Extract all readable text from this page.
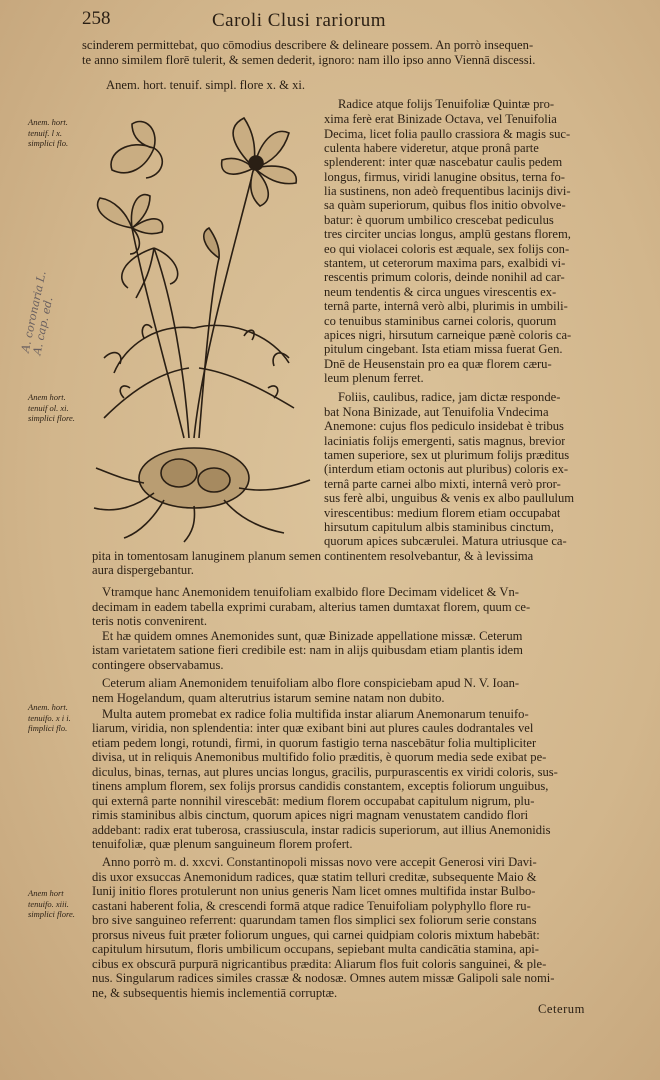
258	Caroli Clusi rariorum
A. coronaria L.
A. cap. ed.
Anem. hort.
tenuif. l x.
simplici flo.
Anem hort.
tenuif ol. xi.
simplici flore.
Anem. hort.
tenuifo. x i i.
fimplici flo.
Anem hort
tenuifo. xiii.
simplici flore.
scinderem permittebat, quo cōmodius describere & delineare possem. An porrò insequen-
te anno similem florē tulerit, & semen dederit, ignoro: nam illo ipso anno Viennā discessi.
Anem. hort. tenuif. simpl. flore x. & xi.
Radice atque folijs Tenuifoliæ Quintæ pro-
xima ferè erat Binizade Octava, vel Tenuifolia
Decima, licet folia paullo crassiora & magis suc-
culenta habere videretur, atque pronâ parte
splenderent: inter quæ nascebatur caulis pedem
longus, firmus, viridi lanugine obsitus, terna fo-
lia sustinens, non adeò frequentibus lacinijs divi-
sa quàm superiorum, quibus flos initio obvolve-
batur: è quorum umbilico crescebat pediculus
tres circiter uncias longus, amplū gestans florem,
eo qui violacei coloris est æquale, sex folijs con-
stantem, ut ceterorum maxima pars, exalbidi vi-
rescentis primum coloris, deinde nonihil ad car-
neum tendentis & circa ungues virescentis ex-
ternâ parte, internâ verò albi, plurimis in umbili-
co tenuibus staminibus carnei coloris, quorum
apices nigri, hirsutum carneique pænè coloris ca-
pitulum cingebant. Ista etiam missa fuerat Gen.
Dnē de Heusenstain pro ea quæ florem cæru-
leum plenum ferret.
Foliis, caulibus, radice, jam dictæ responde-
bat Nona Binizade, aut Tenuifolia Vndecima
Anemone: cujus flos pediculo insidebat è tribus
laciniatis folijs emergenti, satis magnus, brevior
tamen superiore, sex ut plurimum folijs præditus
(interdum etiam octonis aut pluribus) coloris ex-
ternâ parte carnei albo mixti, internâ verò pror-
sus ferè albi, unguibus & venis ex albo paullulum
virescentibus: medium florem etiam occupabat
hirsutum capitulum albis staminibus cinctum,
quorum apices subcærulei. Matura utriusque ca-
pita in tomentosam lanuginem planum semen continentem resolvebantur, & à levissima
aura dispergebantur.
Vtramque hanc Anemonidem tenuifoliam exalbido flore Decimam videlicet & Vn-
decimam in eadem tabella exprimi curabam, alterius tamen dumtaxat florem, quum ce-
teris notis convenirent.
Et hæ quidem omnes Anemonides sunt, quæ Binizade appellatione missæ. Ceterum
istam varietatem satione fieri credibile est: nam in alijs quibusdam etiam plantis idem
contingere observabamus.
Ceterum aliam Anemonidem tenuifoliam albo flore conspiciebam apud N. V. Ioan-
nem Hogelandum, quam alterutrius istarum semine natam non dubito.
Multa autem promebat ex radice folia multifida instar aliarum Anemonarum tenuifo-
liarum, viridia, non splendentia: inter quæ exibant bini aut plures caules dodrantales vel
etiam pedem longi, rotundi, firmi, in quorum fastigio terna nascebātur folia multipliciter
divisa, ut in reliquis Anemonibus multifido folio præditis, è quorum media sede exibat pe-
diculus, binas, ternas, aut plures uncias longus, gracilis, purpurascentis ex viridi coloris, sus-
tinens amplum florem, sex folijs prorsus candidis constantem, exceptis foliorum unguibus,
qui externâ parte nonnihil virescebāt: medium florem occupabat capitulum nigrum, plu-
rimis staminibus albis cinctum, quorum apices nigri magnam venustatem candido flori
addebant: radix erat tuberosa, crassiuscula, instar radicis superiorum, aut illius Anemonidis
tenuifoliæ, quæ plenum sanguineum florem profert.
Anno porrò m. d. xxcvi. Constantinopoli missas novo vere accepit Generosi viri Davi-
dis uxor exsuccas Anemonidum radices, quæ statim telluri creditæ, subsequente Maio &
Iunij initio flores protulerunt non unius generis Nam licet omnes multifida instar Bulbo-
castani haberent folia, & crescendi formā atque radice Tenuifoliam polyphyllo flore ru-
bro sive sanguineo referrent: quarundam tamen flos simplici sex foliorum serie constans
prorsus niveus fuit præter foliorum ungues, qui carnei quidpiam coloris mixtum habebāt:
capitulum hirsutum, floris umbilicum occupans, sepiebant multa candicātia stamina, api-
cibus ex obscurā purpurā nigricantibus prædita: Aliarum flos fuit coloris sanguinei, & ple-
nus. Singularum radices similes crassæ & nodosæ. Omnes autem missæ Galipoli sale nomi-
ne, & subsequentis hiemis inclementiā corruptæ.
Ceterum
